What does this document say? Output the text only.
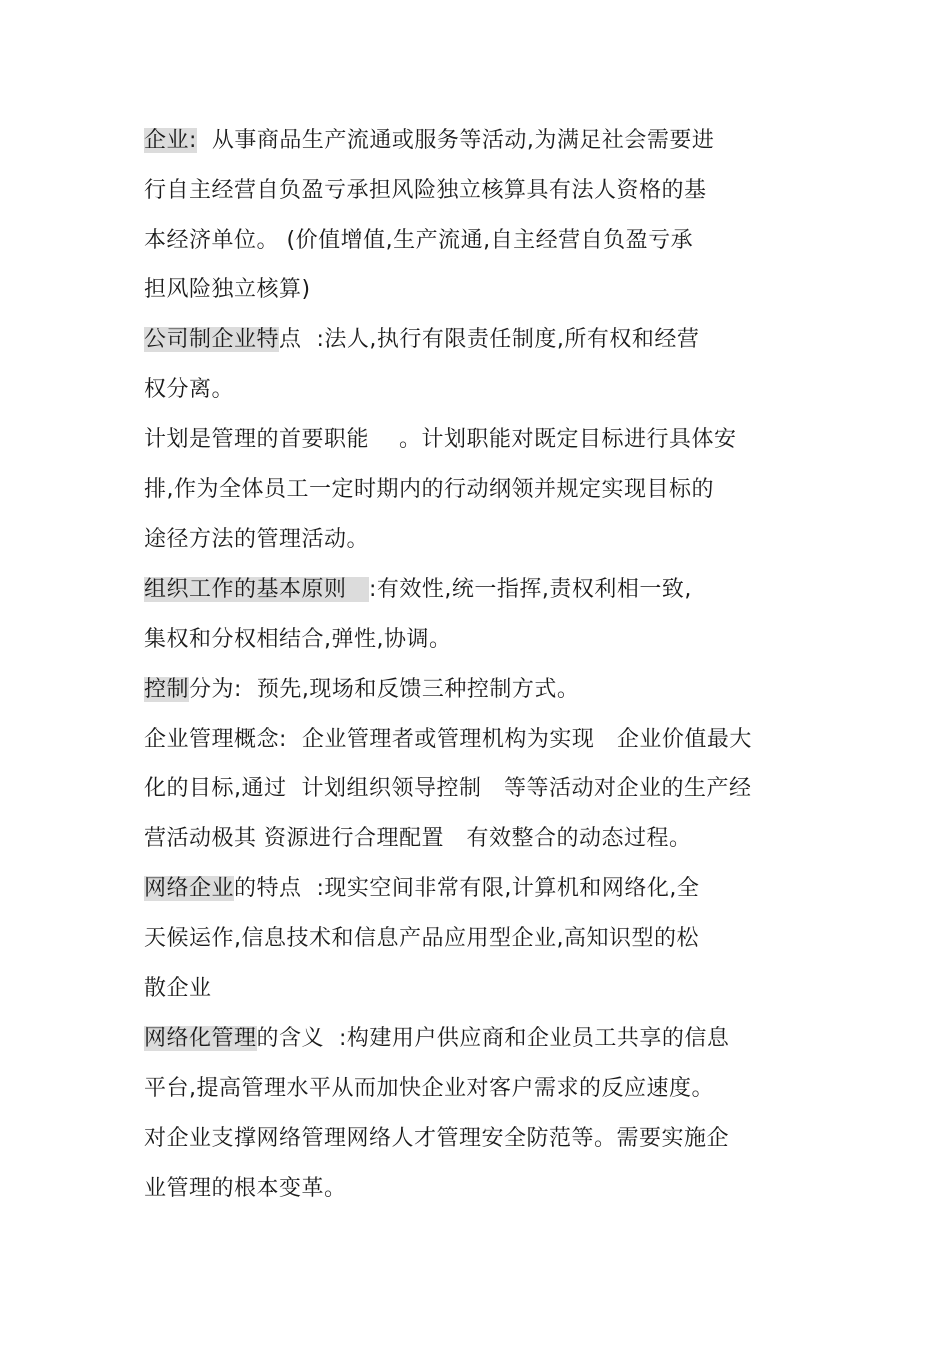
企业:  从事商品生产流通或服务等活动,为满足社会需要进
行自主经营自负盈亏承担风险独立核算具有法人资格的基
本经济单位。 (价值增值,生产流通,自主经营自负盈亏承
担风险独立核算)
公司制企业特点  :法人,执行有限责任制度,所有权和经营
权分离。
计划是管理的首要职能    。计划职能对既定目标进行具体安
排,作为全体员工一定时期内的行动纲领并规定实现目标的
途径方法的管理活动。
组织工作的基本原则   :有效性,统一指挥,责权利相一致,
集权和分权相结合,弹性,协调。
控制分为:  预先,现场和反馈三种控制方式。
企业管理概念:  企业管理者或管理机构为实现   企业价值最大
化的目标,通过  计划组织领导控制   等等活动对企业的生产经
营活动极其 资源进行合理配置   有效整合的动态过程。
网络企业的特点  :现实空间非常有限,计算机和网络化,全
天候运作,信息技术和信息产品应用型企业,高知识型的松
散企业
网络化管理的含义  :构建用户供应商和企业员工共享的信息
平台,提高管理水平从而加快企业对客户需求的反应速度。
对企业支撑网络管理网络人才管理安全防范等。需要实施企
业管理的根本变革。
